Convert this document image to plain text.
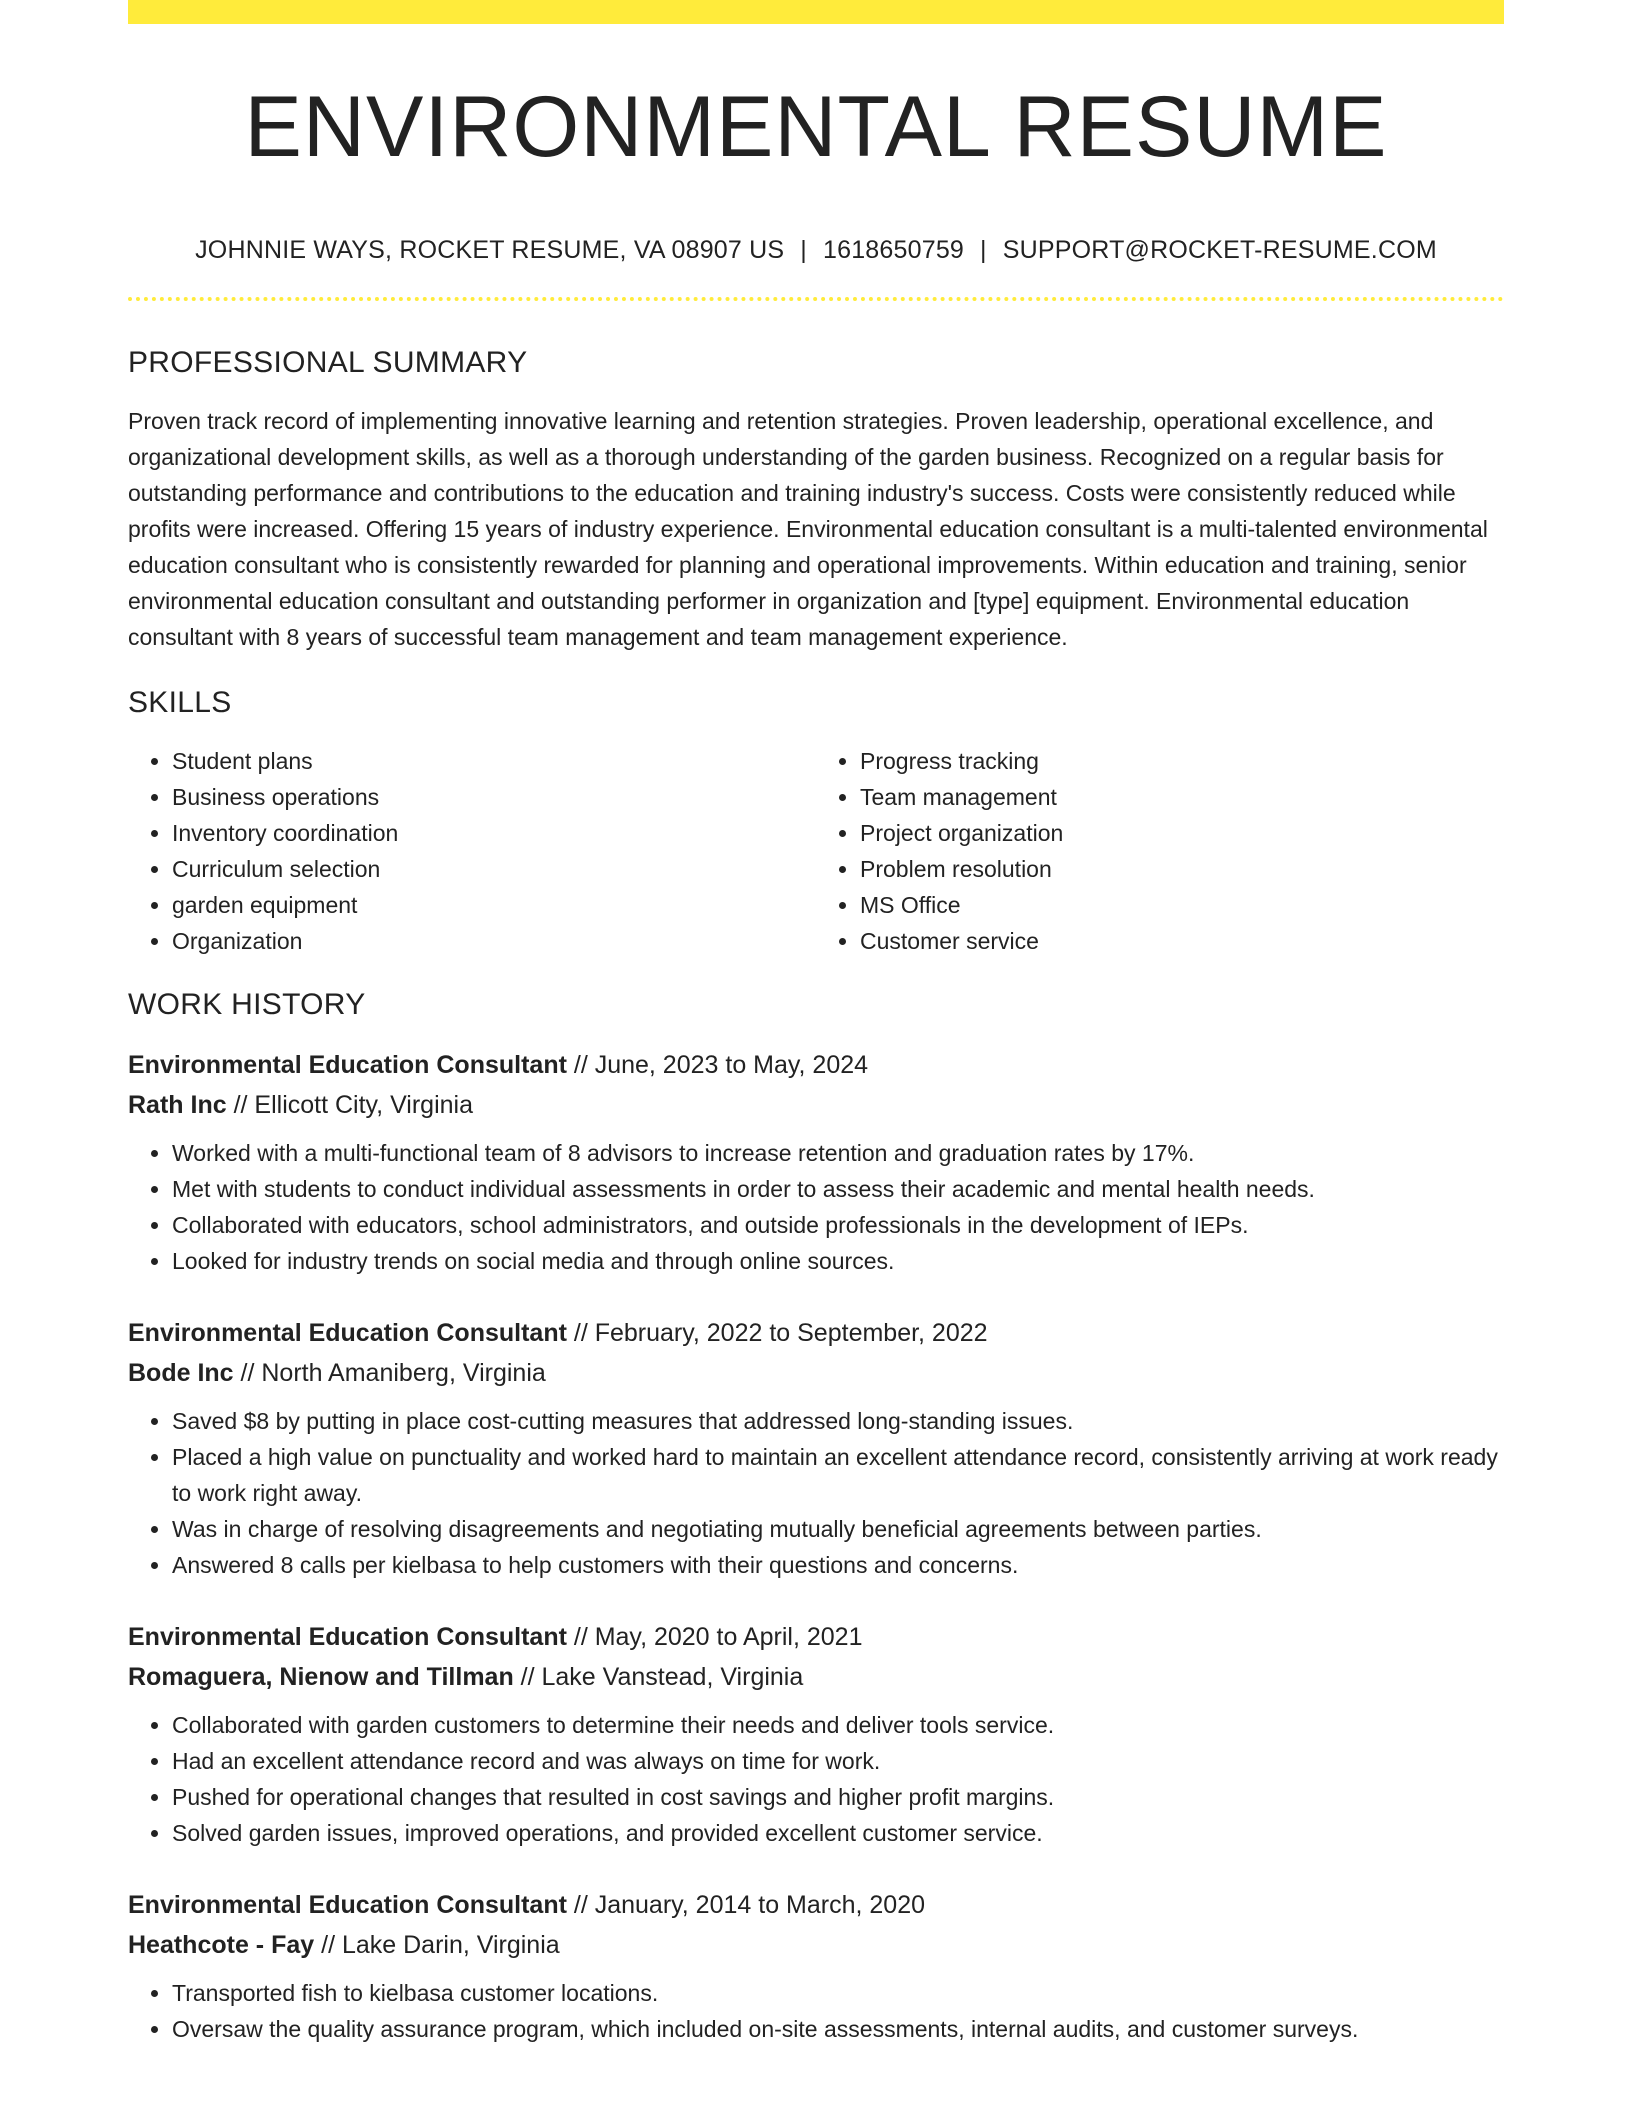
ENVIRONMENTAL RESUME
JOHNNIE WAYS, ROCKET RESUME, VA 08907 US | 1618650759 | SUPPORT@ROCKET-RESUME.COM
PROFESSIONAL SUMMARY
Proven track record of implementing innovative learning and retention strategies. Proven leadership, operational excellence, and organizational development skills, as well as a thorough understanding of the garden business. Recognized on a regular basis for outstanding performance and contributions to the education and training industry's success. Costs were consistently reduced while profits were increased. Offering 15 years of industry experience. Environmental education consultant is a multi-talented environmental education consultant who is consistently rewarded for planning and operational improvements. Within education and training, senior environmental education consultant and outstanding performer in organization and [type] equipment. Environmental education consultant with 8 years of successful team management and team management experience.
SKILLS
• Student plans
• Business operations
• Inventory coordination
• Curriculum selection
• garden equipment
• Organization
• Progress tracking
• Team management
• Project organization
• Problem resolution
• MS Office
• Customer service
WORK HISTORY
Environmental Education Consultant // June, 2023 to May, 2024
Rath Inc // Ellicott City, Virginia
• Worked with a multi-functional team of 8 advisors to increase retention and graduation rates by 17%.
• Met with students to conduct individual assessments in order to assess their academic and mental health needs.
• Collaborated with educators, school administrators, and outside professionals in the development of IEPs.
• Looked for industry trends on social media and through online sources.
Environmental Education Consultant // February, 2022 to September, 2022
Bode Inc // North Amaniberg, Virginia
• Saved $8 by putting in place cost-cutting measures that addressed long-standing issues.
• Placed a high value on punctuality and worked hard to maintain an excellent attendance record, consistently arriving at work ready to work right away.
• Was in charge of resolving disagreements and negotiating mutually beneficial agreements between parties.
• Answered 8 calls per kielbasa to help customers with their questions and concerns.
Environmental Education Consultant // May, 2020 to April, 2021
Romaguera, Nienow and Tillman // Lake Vanstead, Virginia
• Collaborated with garden customers to determine their needs and deliver tools service.
• Had an excellent attendance record and was always on time for work.
• Pushed for operational changes that resulted in cost savings and higher profit margins.
• Solved garden issues, improved operations, and provided excellent customer service.
Environmental Education Consultant // January, 2014 to March, 2020
Heathcote - Fay // Lake Darin, Virginia
• Transported fish to kielbasa customer locations.
• Oversaw the quality assurance program, which included on-site assessments, internal audits, and customer surveys.
